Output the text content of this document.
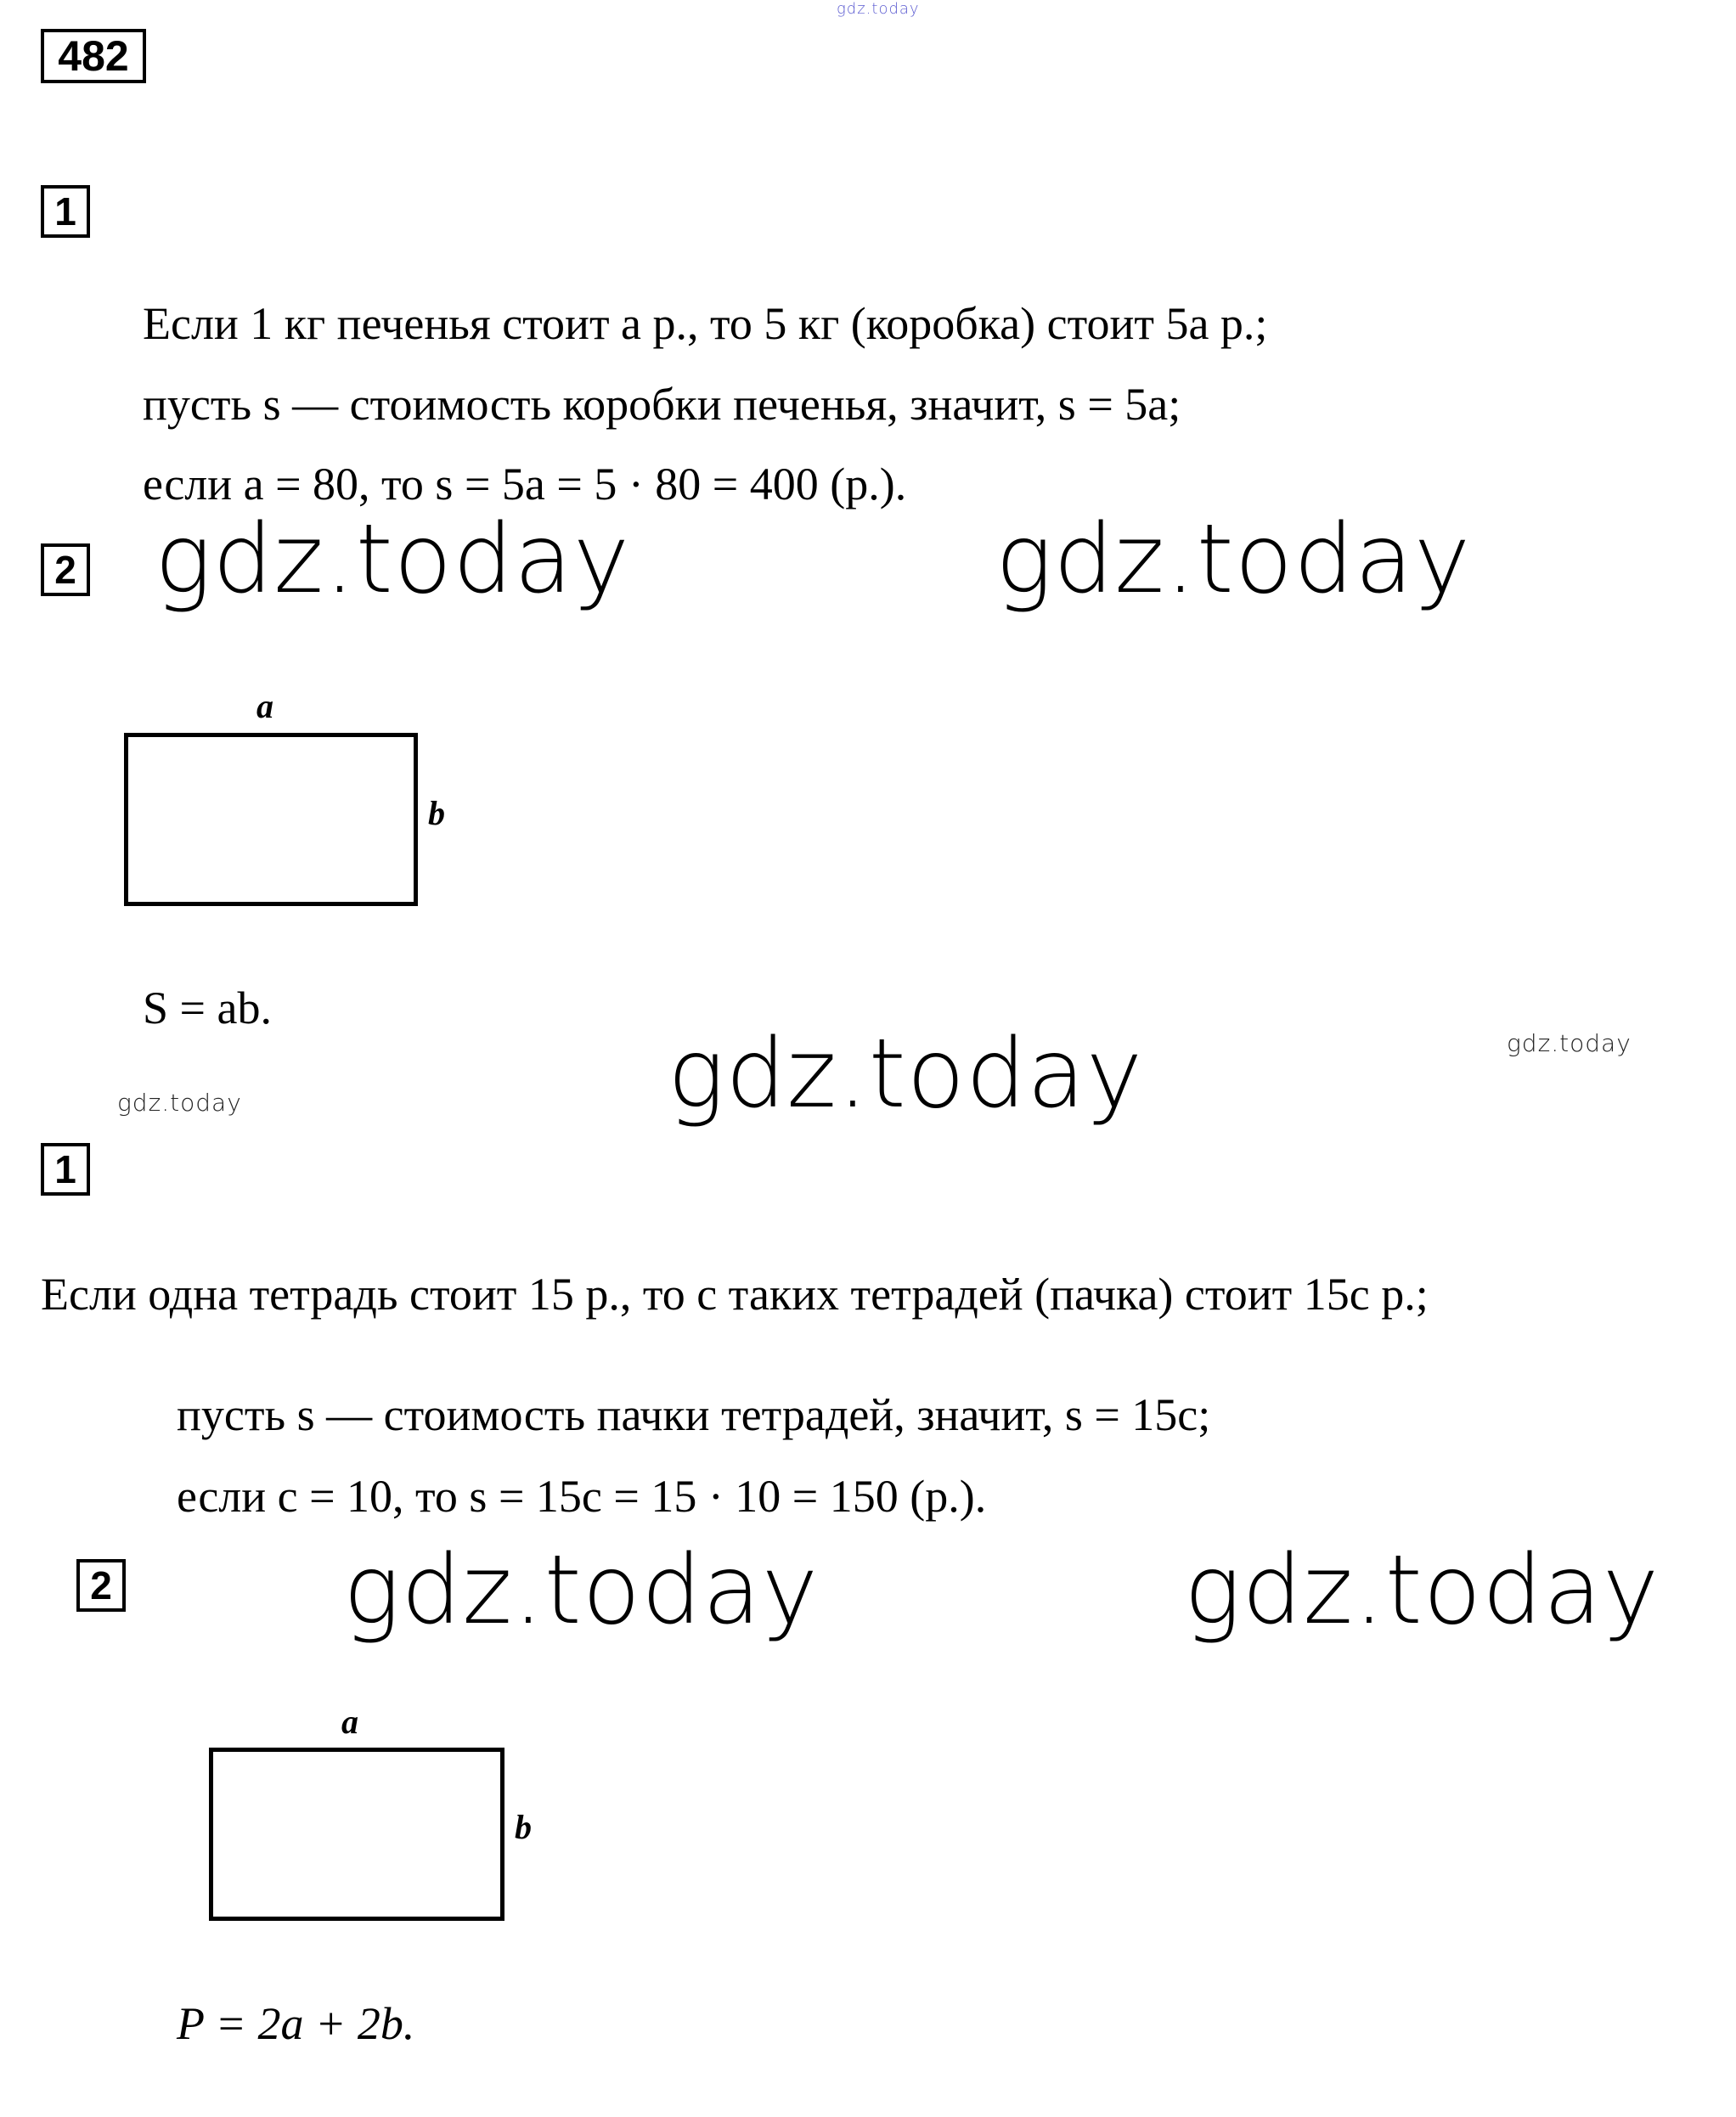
gdz.today
482
1
Если 1 кг печенья стоит a р., то 5 кг (коробка) стоит 5a р.;
пусть s — стоимость коробки печенья, значит, s = 5a;
если a = 80, то s = 5a = 5 · 80 = 400 (р.).
2 gdz.today	gdz.today
a
b
S = ab.
gdz.today	gdz.today
gdz.today
1
Если одна тетрадь стоит 15 р., то c таких тетрадей (пачка) стоит 15c р.;
пусть s — стоимость пачки тетрадей, значит, s = 15c;
если c = 10, то s = 15c = 15 · 10 = 150 (р.).
2 gdz.today	gdz.today
a
b
P = 2a + 2b.
